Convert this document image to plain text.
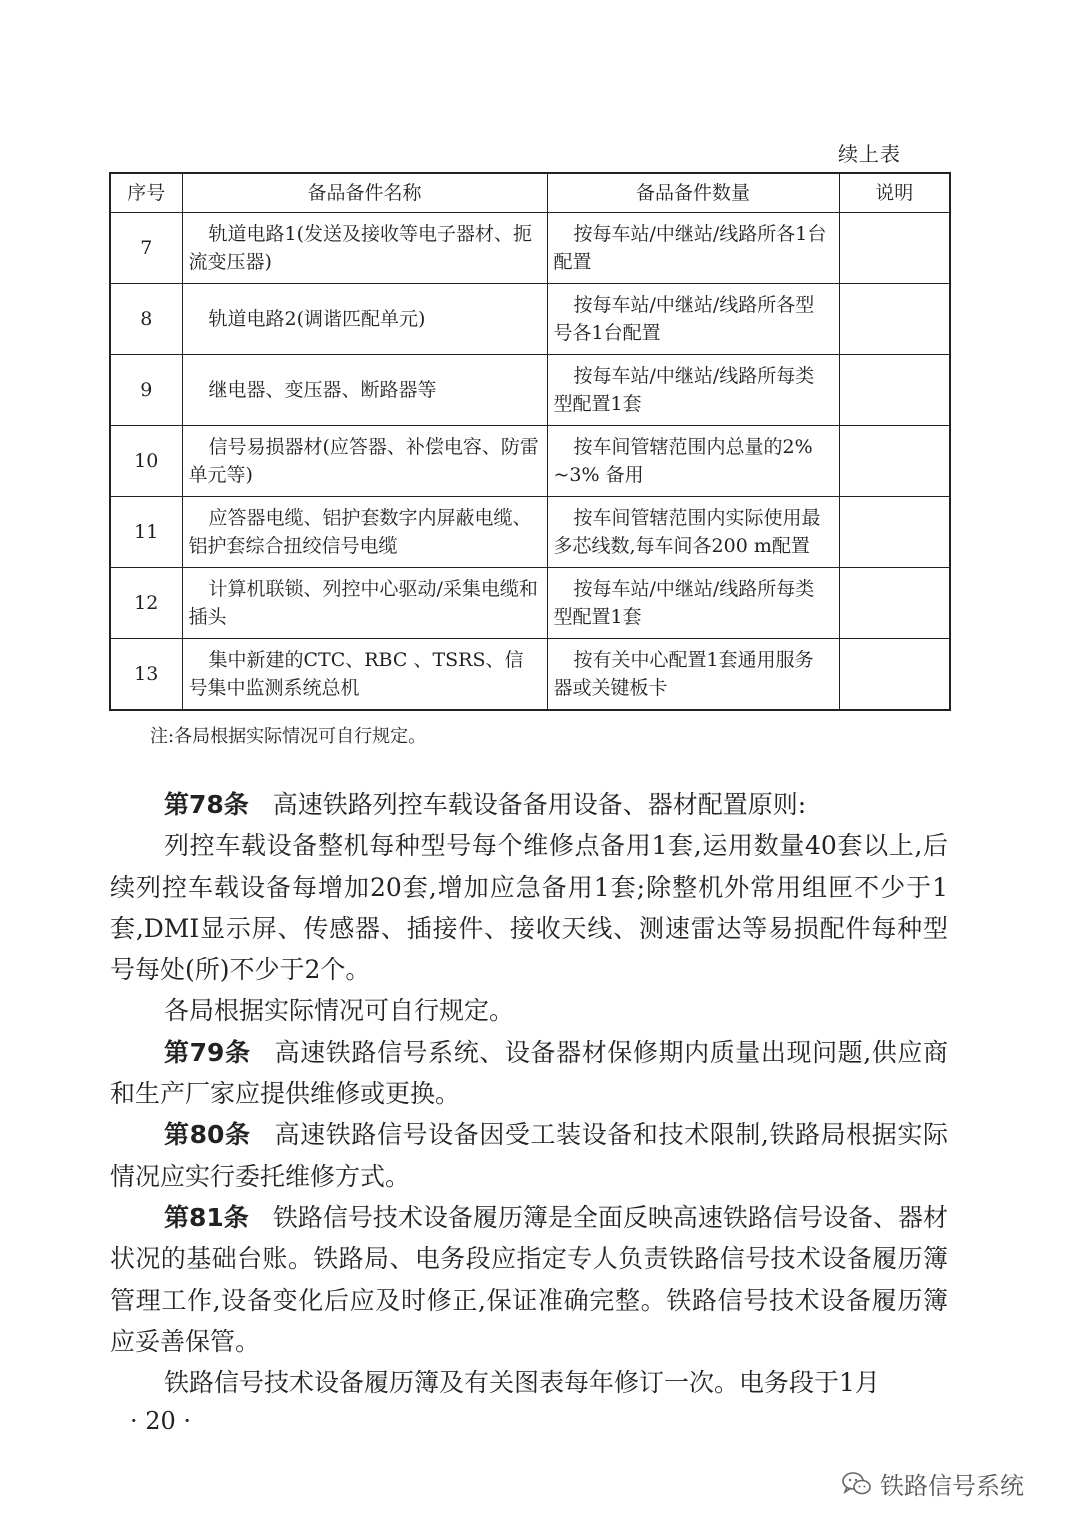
续上表
序号	备品备件名称	备品备件数量	说明
7	轨道电路1(发送及接收等电子器材、扼流变压器)	按每车站/中继站/线路所各1台配置	
8	轨道电路2(调谐匹配单元)	按每车站/中继站/线路所各型号各1台配置	
9	继电器、变压器、断路器等	按每车站/中继站/线路所每类型配置1套	
10	信号易损器材(应答器、补偿电容、防雷单元等)	按车间管辖范围内总量的2% ~3% 备用	
11	应答器电缆、铝护套数字内屏蔽电缆、铝护套综合扭绞信号电缆	按车间管辖范围内实际使用最多芯线数,每车间各200 m配置	
12	计算机联锁、列控中心驱动/采集电缆和插头	按每车站/中继站/线路所每类型配置1套	
13	集中新建的CTC、RBC 、TSRS、信号集中监测系统总机	按有关中心配置1套通用服务器或关键板卡	
注:各局根据实际情况可自行规定。

第78条 高速铁路列控车载设备备用设备、器材配置原则:

列控车载设备整机每种型号每个维修点备用1套,运用数量40套以上,后续列控车载设备每增加20套,增加应急备用1套;除整机外常用组匣不少于1套,DMI显示屏、传感器、插接件、接收天线、测速雷达等易损配件每种型号每处(所)不少于2个。

各局根据实际情况可自行规定。

第79条 高速铁路信号系统、设备器材保修期内质量出现问题,供应商和生产厂家应提供维修或更换。

第80条 高速铁路信号设备因受工装设备和技术限制,铁路局根据实际情况应实行委托维修方式。

第81条 铁路信号技术设备履历簿是全面反映高速铁路信号设备、器材状况的基础台账。铁路局、电务段应指定专人负责铁路信号技术设备履历簿管理工作,设备变化后应及时修正,保证准确完整。铁路信号技术设备履历簿应妥善保管。

铁路信号技术设备履历簿及有关图表每年修订一次。电务段于1月

· 20 ·
铁路信号系统
